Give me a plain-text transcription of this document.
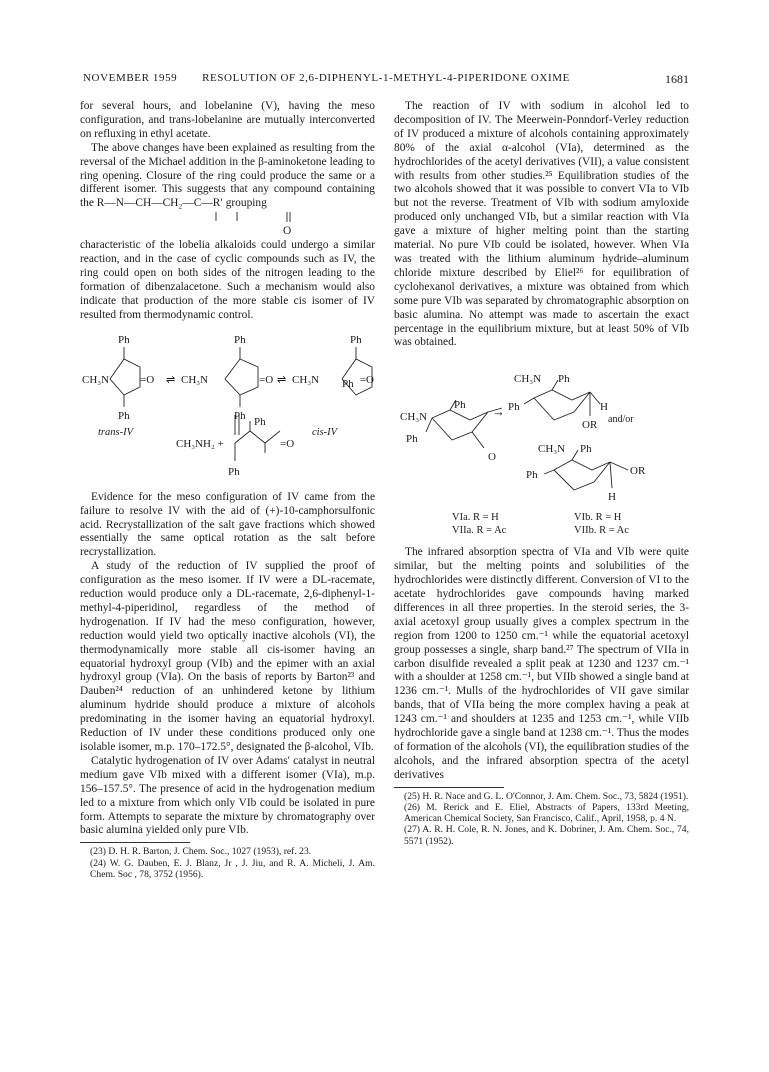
NOVEMBER 1959	RESOLUTION OF 2,6-DIPHENYL-1-METHYL-4-PIPERIDONE OXIME	1681

for several hours, and lobelanine (V), having the meso configuration, and trans-lobelanine are mutually interconverted on refluxing in ethyl acetate.

The above changes have been explained as resulting from the reversal of the Michael addition in the β-aminoketone leading to ring opening. Closure of the ring could produce the same or a different isomer. This suggests that any compound containing the R—N—CH—CH₂—C—R′ grouping

O

characteristic of the lobelia alkaloids could undergo a similar reaction, and in the case of cyclic compounds such as IV, the ring could open on both sides of the nitrogen leading to the formation of dibenzalacetone. Such a mechanism would also indicate that production of the more stable cis isomer of IV resulted from thermodynamic control.

Ph
CH₃N	=O ⇌
Ph
trans-IV
Ph
CH₃N	=O ⇌
Ph
Ph
CH₃N Ph =O
cis-IV
Ph
CH₃NH₂ +	=O
Ph

Evidence for the meso configuration of IV came from the failure to resolve IV with the aid of (+)-10-camphorsulfonic acid. Recrystallization of the salt gave fractions which showed essentially the same optical rotation as the salt before recrystallization.

A study of the reduction of IV supplied the proof of configuration as the meso isomer. If IV were a DL-racemate, reduction would produce only a DL-racemate, 2,6-diphenyl-1-methyl-4-piperidinol, regardless of the method of hydrogenation. If IV had the meso configuration, however, reduction would yield two optically inactive alcohols (VI), the thermodynamically more stable all cis-isomer having an equatorial hydroxyl group (VIb) and the epimer with an axial hydroxyl group (VIa). On the basis of reports by Barton²³ and Dauben²⁴ reduction of an unhindered ketone by lithium aluminum hydride should produce a mixture of alcohols predominating in the isomer having an equatorial hydroxyl. Reduction of IV under these conditions produced only one isolable isomer, m.p. 170–172.5°, designated the β-alcohol, VIb.

Catalytic hydrogenation of IV over Adams' catalyst in neutral medium gave VIb mixed with a different isomer (VIa), m.p. 156–157.5°. The presence of acid in the hydrogenation medium led to a mixture from which only VIb could be isolated in pure form. Attempts to separate the mixture by chromatography over basic alumina yielded only pure VIb.

(23) D. H. R. Barton, J. Chem. Soc., 1027 (1953), ref. 23.

(24) W. G. Dauben, E. J. Blanz, Jr , J. Jiu, and R. A. Micheli, J. Am. Chem. Soc , 78, 3752 (1956).

The reaction of IV with sodium in alcohol led to decomposition of IV. The Meerwein-Ponndorf-Verley reduction of IV produced a mixture of alcohols containing approximately 80% of the axial α-alcohol (VIa), determined as the hydrochlorides of the acetyl derivatives (VII), a value consistent with results from other studies.²⁵ Equilibration studies of the two alcohols showed that it was possible to convert VIa to VIb but not the reverse. Treatment of VIb with sodium amyloxide produced only unchanged VIb, but a similar reaction with VIa gave a mixture of higher melting point than the starting material. No pure VIb could be isolated, however. When VIa was treated with the lithium aluminum hydride–aluminum chloride mixture described by Eliel²⁶ for equilibration of cyclohexanol derivatives, a mixture was obtained from which some pure VIb was separated by chromatographic absorption on basic alumina. No attempt was made to ascertain the exact percentage in the equilibrium mixture, but at least 50% of VIb was obtained.

CH₃N Ph
CH₃N
Ph
Ph
O
→ Ph	H
OR and/or
CH₃N Ph
Ph	OR
H
VIa. R = H
VIIa. R = Ac
VIb. R = H
VIIb. R = Ac

The infrared absorption spectra of VIa and VIb were quite similar, but the melting points and solubilities of the hydrochlorides were distinctly different. Conversion of VI to the acetate hydrochlorides gave compounds having marked differences in all three properties. In the steroid series, the 3-axial acetoxyl group usually gives a complex spectrum in the region from 1200 to 1250 cm.⁻¹ while the equatorial acetoxyl group possesses a single, sharp band.²⁷ The spectrum of VIIa in carbon disulfide revealed a split peak at 1230 and 1237 cm.⁻¹ with a shoulder at 1258 cm.⁻¹, but VIIb showed a single band at 1236 cm.⁻¹. Mulls of the hydrochlorides of VII gave similar bands, that of VIIa being the more complex having a peak at 1243 cm.⁻¹ and shoulders at 1235 and 1253 cm.⁻¹, while VIIb hydrochloride gave a single band at 1238 cm.⁻¹. Thus the modes of formation of the alcohols (VI), the equilibration studies of the alcohols, and the infrared absorption spectra of the acetyl derivatives

(25) H. R. Nace and G. L. O'Connor, J. Am. Chem. Soc., 73, 5824 (1951).

(26) M. Rerick and E. Eliel, Abstracts of Papers, 133rd Meeting, American Chemical Society, San Francisco, Calif., April, 1958, p. 4 N.

(27) A. R. H. Cole, R. N. Jones, and K. Dobriner, J. Am. Chem. Soc., 74, 5571 (1952).
